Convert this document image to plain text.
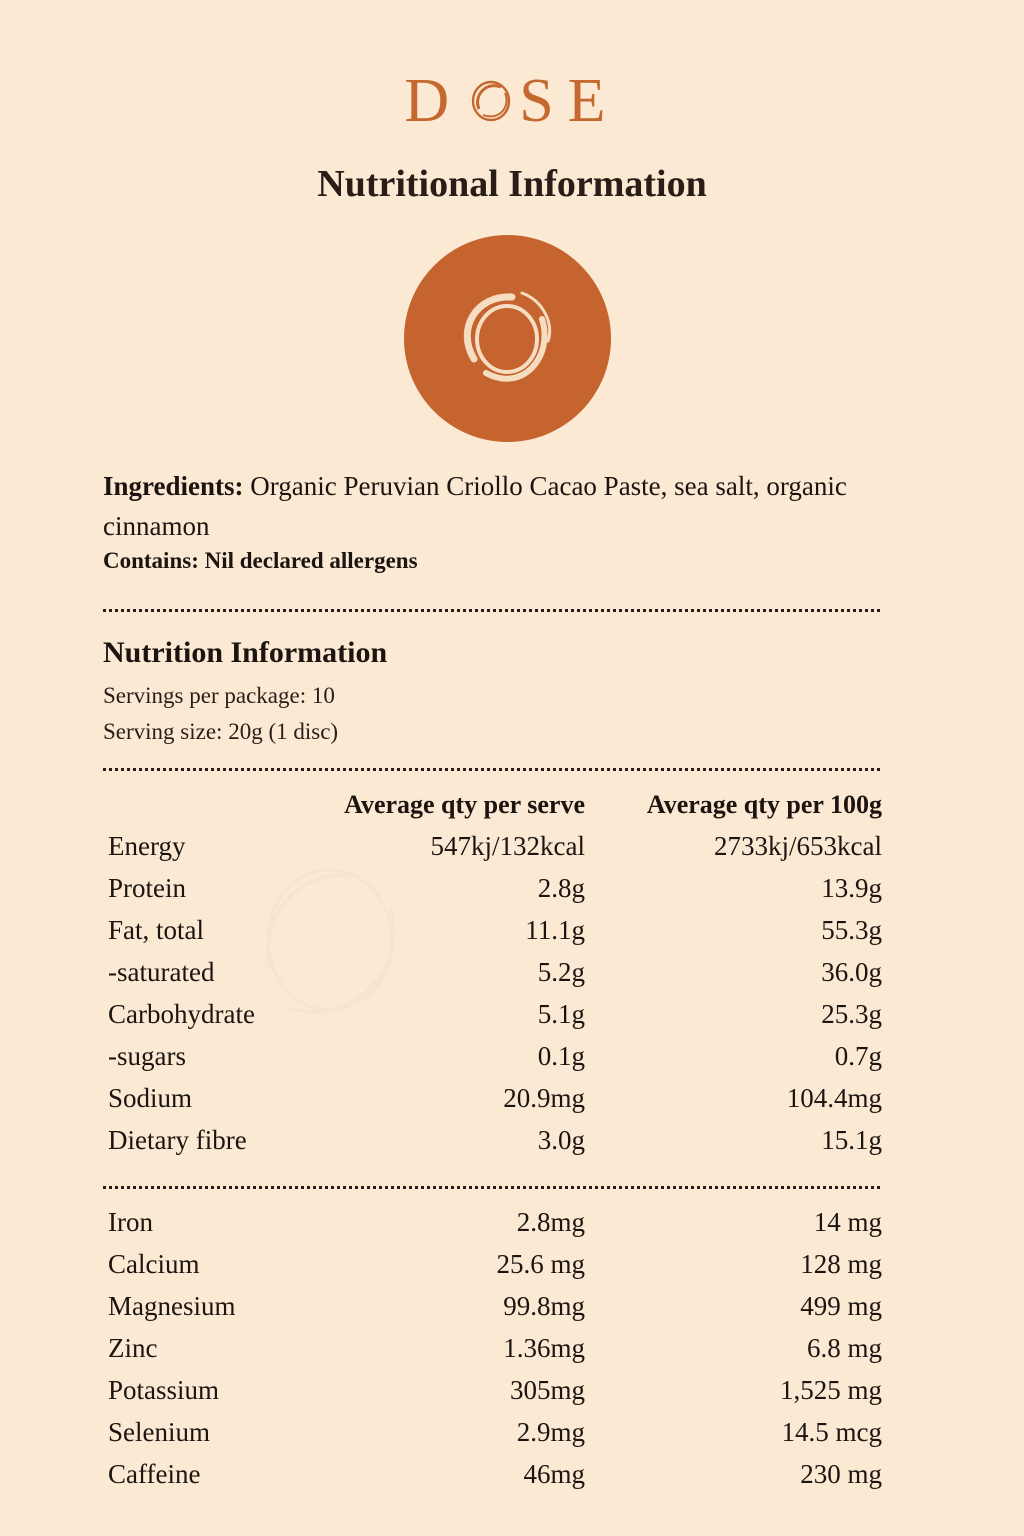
D SE
Nutritional Information
Ingredients: Organic Peruvian Criollo Cacao Paste, sea salt, organic cinnamon
Contains: Nil declared allergens
Nutrition Information
Servings per package: 10
Serving size: 20g (1 disc)
Average qty per serve Average qty per 100g
Energy	547kj/132kcal	2733kj/653kcal
Protein	2.8g	13.9g
Fat, total	11.1g	55.3g
-saturated	5.2g	36.0g
Carbohydrate	5.1g	25.3g
-sugars	0.1g	0.7g
Sodium	20.9mg	104.4mg
Dietary fibre	3.0g	15.1g
Iron	2.8mg	14 mg
Calcium	25.6 mg	128 mg
Magnesium	99.8mg	499 mg
Zinc	1.36mg	6.8 mg
Potassium	305mg	1,525 mg
Selenium	2.9mg	14.5 mcg
Caffeine	46mg	230 mg
